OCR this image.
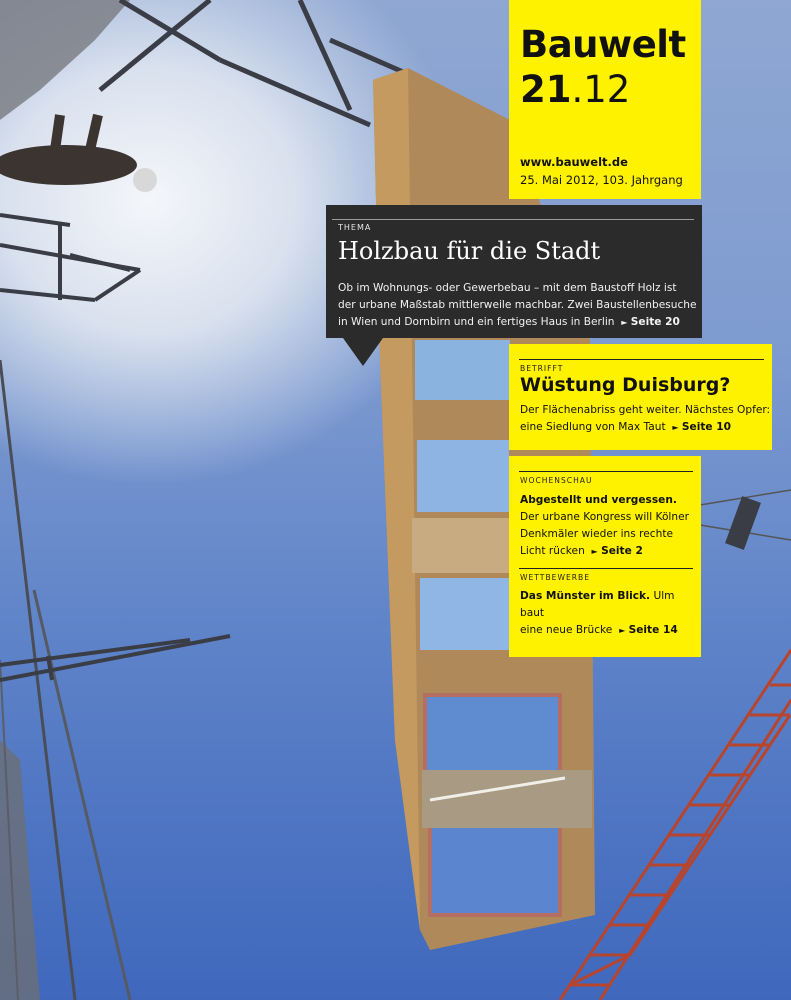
Bauwelt
21.12
www.bauwelt.de
25. Mai 2012, 103. Jahrgang
THEMA
Holzbau für die Stadt
Ob im Wohnungs- oder Gewerbebau – mit dem Baustoff Holz ist
der urbane Maßstab mittlerweile machbar. Zwei Baustellenbesuche
in Wien und Dornbirn und ein fertiges Haus in Berlin ► Seite 20
BETRIFFT
Wüstung Duisburg?
Der Flächenabriss geht weiter. Nächstes Opfer:
eine Siedlung von Max Taut ► Seite 10
WOCHENSCHAU
Abgestellt und vergessen.
Der urbane Kongress will Kölner
Denkmäler wieder ins rechte
Licht rücken ► Seite 2
WETTBEWERBE
Das Münster im Blick. Ulm baut
eine neue Brücke ► Seite 14
